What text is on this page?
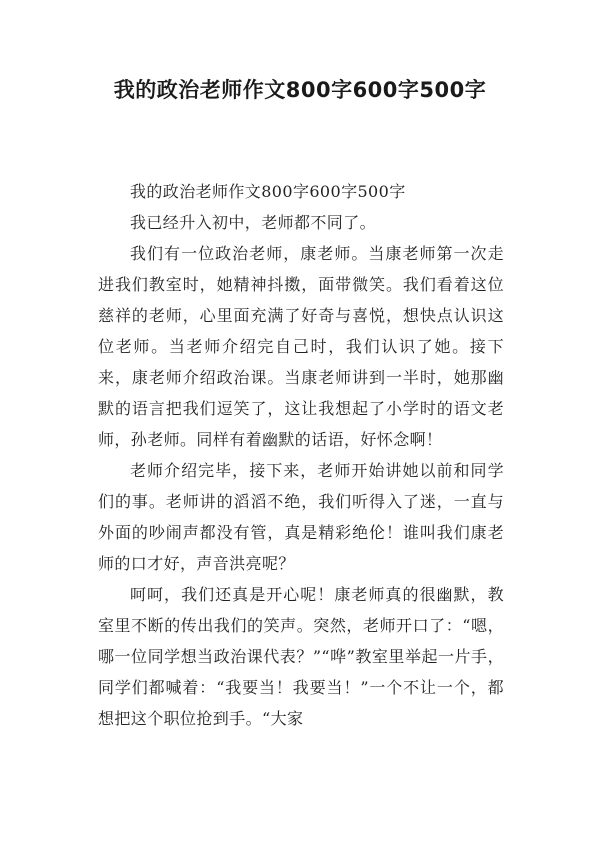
我的政治老师作文800字600字500字

我的政治老师作文800字600字500字

我已经升入初中，老师都不同了。

我们有一位政治老师，康老师。当康老师第一次走进我们教室时，她精神抖擞，面带微笑。我们看着这位慈祥的老师，心里面充满了好奇与喜悦，想快点认识这位老师。当老师介绍完自己时，我们认识了她。接下来，康老师介绍政治课。当康老师讲到一半时，她那幽默的语言把我们逗笑了，这让我想起了小学时的语文老师，孙老师。同样有着幽默的话语，好怀念啊！

老师介绍完毕，接下来，老师开始讲她以前和同学们的事。老师讲的滔滔不绝，我们听得入了迷，一直与外面的吵闹声都没有管，真是精彩绝伦！谁叫我们康老师的口才好，声音洪亮呢？

呵呵，我们还真是开心呢！康老师真的很幽默，教室里不断的传出我们的笑声。突然，老师开口了：“嗯，哪一位同学想当政治课代表？”“哗”教室里举起一片手，同学们都喊着：“我要当！我要当！”一个不让一个，都想把这个职位抢到手。“大家
